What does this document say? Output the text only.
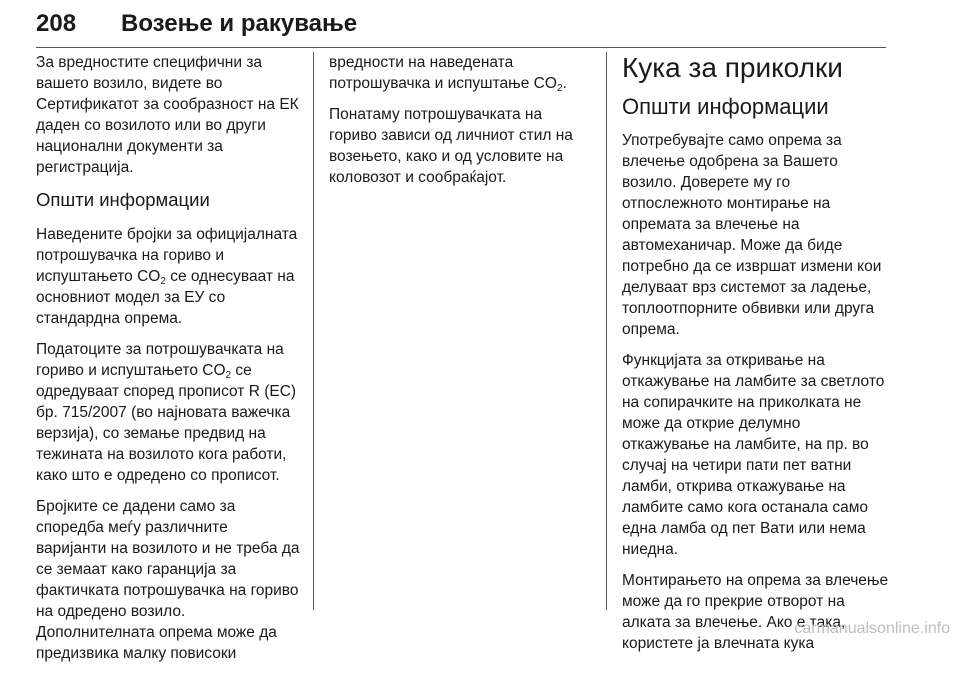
208 Возење и ракување

За вредностите специфични за вашето возило, видете во Сертификатот за сообразност на ЕК даден со возилото или во други национални документи за регистрација.

Општи информации

Наведените бројки за официјалната потрошувачка на гориво и испуштањето $CO_2$ се однесуваат на основниот модел за ЕУ со стандардна опрема.

Податоците за потрошувачката на гориво и испуштањето $CO_2$ се одредуваат според прописот R (EC) бр. 715/2007 (во најновата важечка верзија), со земање предвид на тежината на возилото кога работи, како што е одредено со прописот.

Бројките се дадени само за споредба меѓу различните варијанти на возилото и не треба да се земаат како гаранција за фактичката потрошувачка на гориво на одредено возило. Дополнителната опрема може да предизвика малку повисоки

вредности на наведената потрошувачка и испуштање $CO_2$.

Понатаму потрошувачката на гориво зависи од личниот стил на возењето, како и од условите на коловозот и сообраќајот.

Кука за приколки
Општи информации

Употребувајте само опрема за влечење одобрена за Вашето возило. Доверете му го отпослежното монтирање на опремата за влечење на автомеханичар. Може да биде потребно да се извршат измени кои делуваат врз системот за ладење, топлоотпорните обвивки или друга опрема.

Функцијата за откривање на откажување на ламбите за светлото на сопирачките на приколката не може да открие делумно откажување на ламбите, на пр. во случај на четири пати пет ватни ламби, открива откажување на ламбите само кога останала само една ламба од пет Вати или нема ниедна.

Монтирањето на опрема за влечење може да го прекрие отворот на алката за влечење. Ако е така, користете ја влечната кука

carmanualsonline.info
